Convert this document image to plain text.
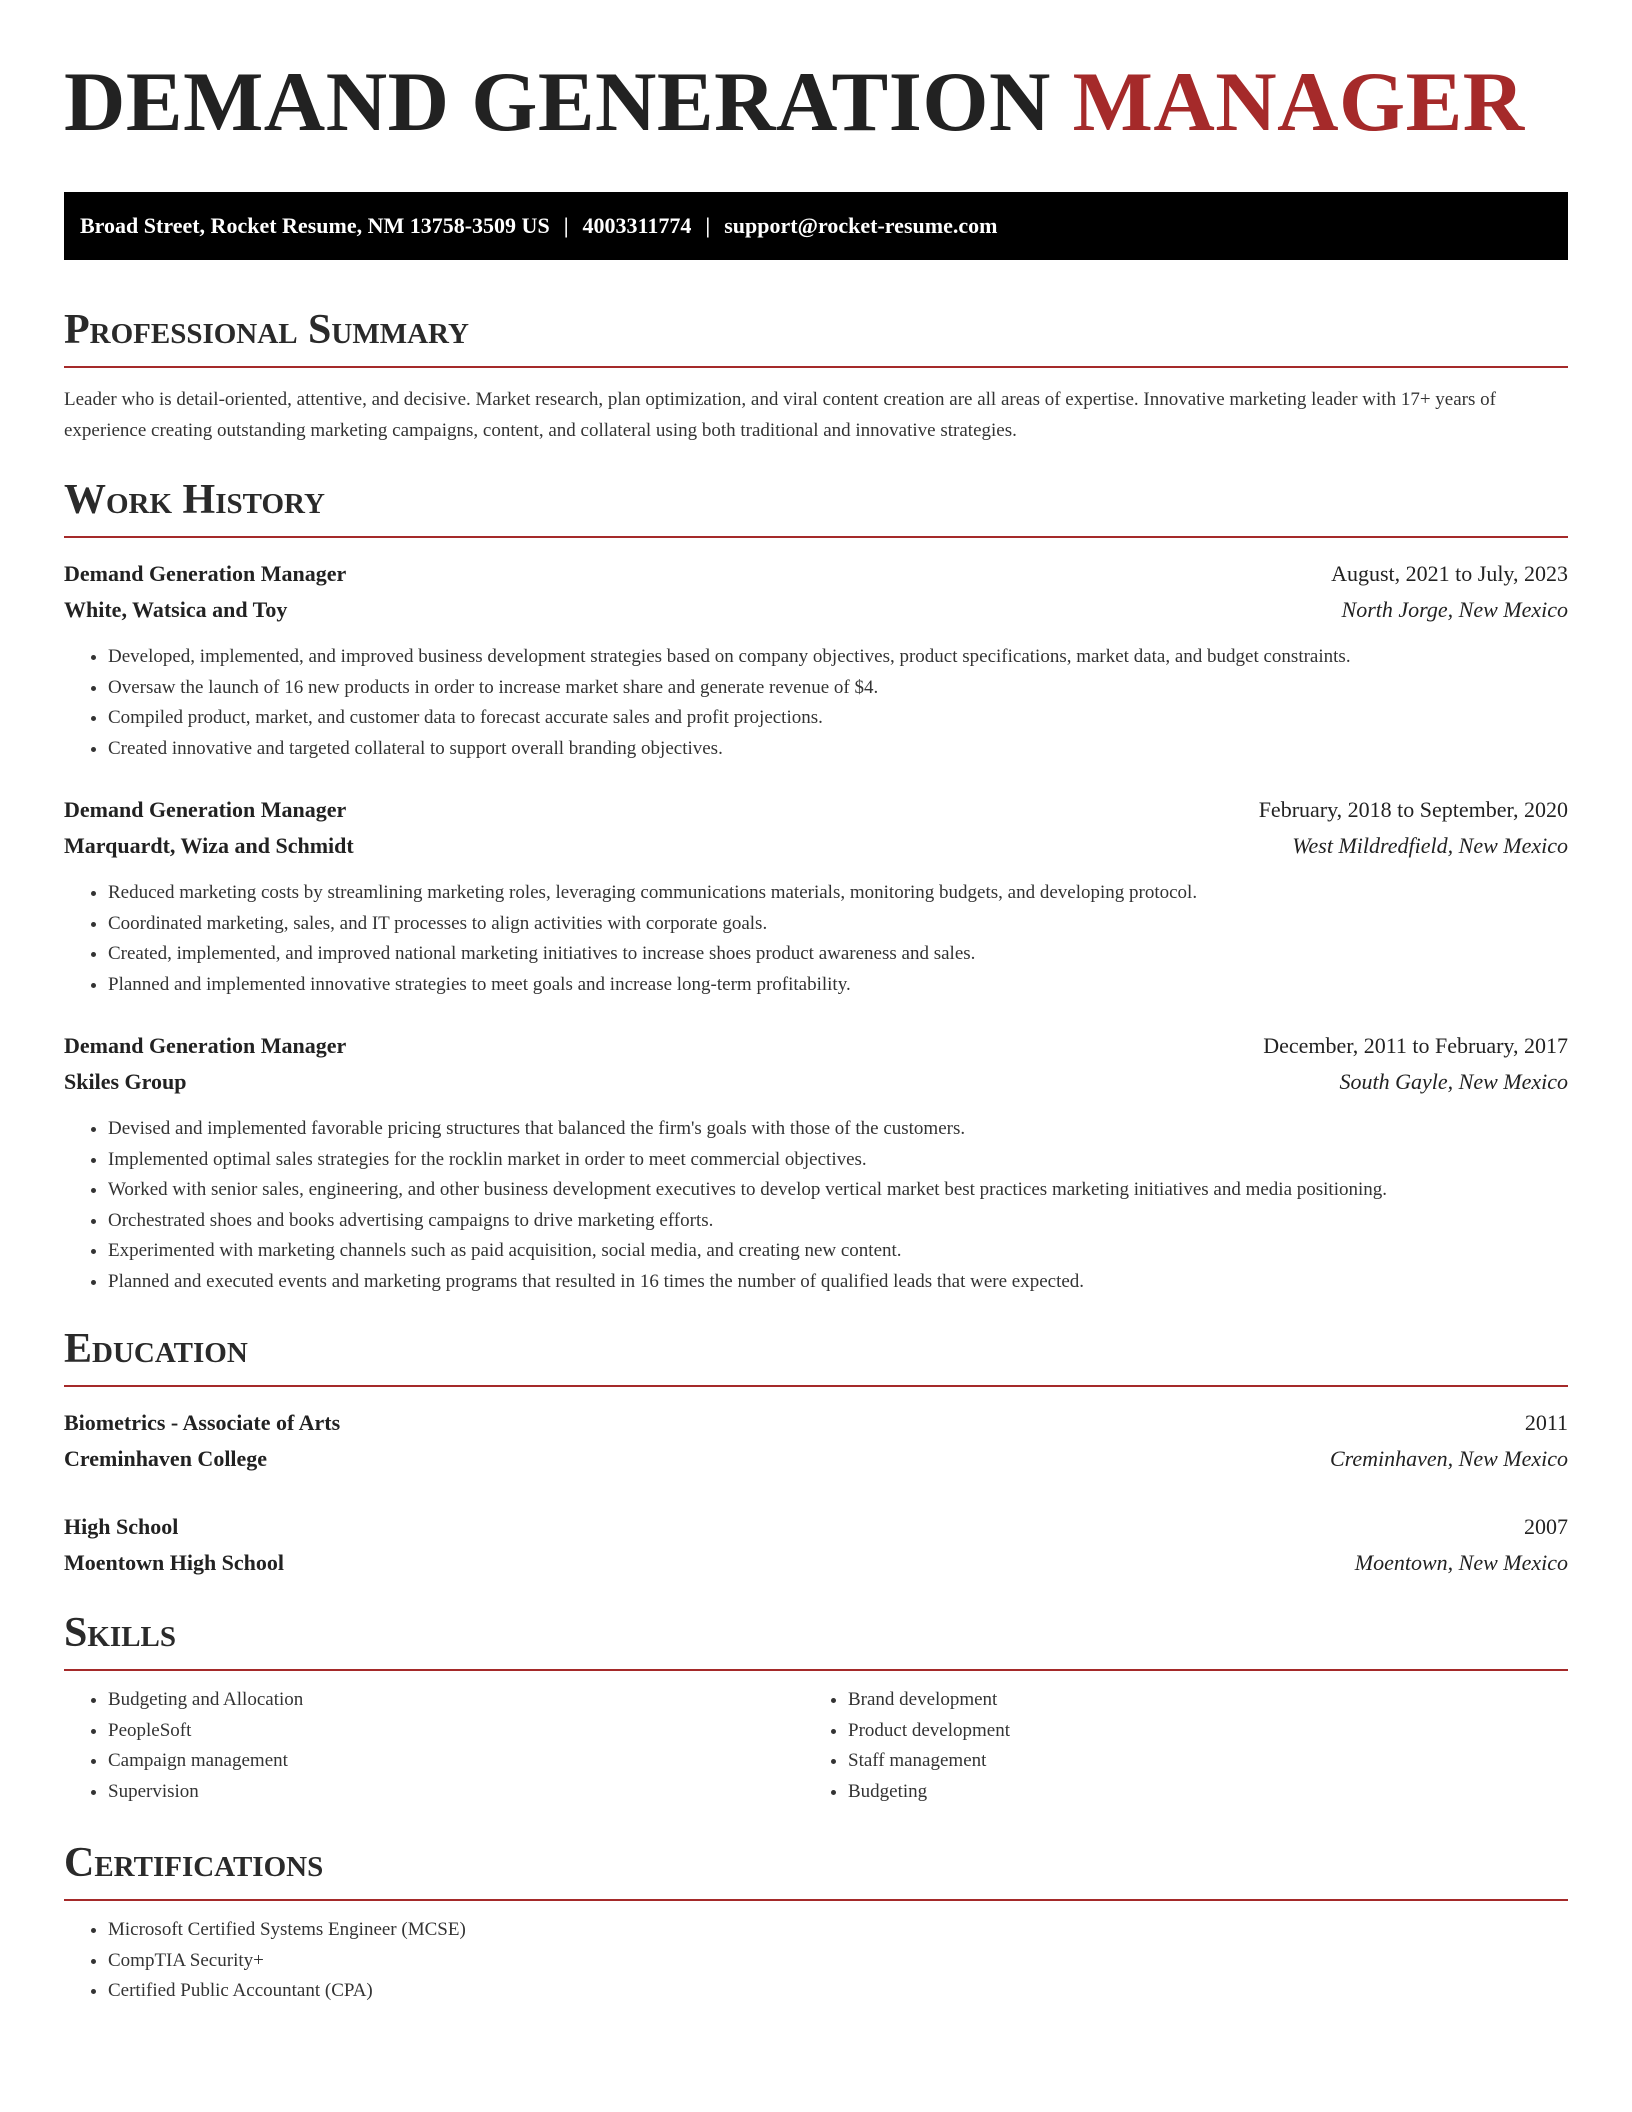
DEMAND GENERATION MANAGER
Broad Street, Rocket Resume, NM 13758-3509 US | 4003311774 | support@rocket-resume.com
Professional Summary
Leader who is detail-oriented, attentive, and decisive. Market research, plan optimization, and viral content creation are all areas of expertise. Innovative marketing leader with 17+ years of experience creating outstanding marketing campaigns, content, and collateral using both traditional and innovative strategies.
Work History
Demand Generation Manager	August, 2021 to July, 2023
White, Watsica and Toy	North Jorge, New Mexico
• Developed, implemented, and improved business development strategies based on company objectives, product specifications, market data, and budget constraints.
• Oversaw the launch of 16 new products in order to increase market share and generate revenue of $4.
• Compiled product, market, and customer data to forecast accurate sales and profit projections.
• Created innovative and targeted collateral to support overall branding objectives.
Demand Generation Manager	February, 2018 to September, 2020
Marquardt, Wiza and Schmidt	West Mildredfield, New Mexico
• Reduced marketing costs by streamlining marketing roles, leveraging communications materials, monitoring budgets, and developing protocol.
• Coordinated marketing, sales, and IT processes to align activities with corporate goals.
• Created, implemented, and improved national marketing initiatives to increase shoes product awareness and sales.
• Planned and implemented innovative strategies to meet goals and increase long-term profitability.
Demand Generation Manager	December, 2011 to February, 2017
Skiles Group	South Gayle, New Mexico
• Devised and implemented favorable pricing structures that balanced the firm's goals with those of the customers.
• Implemented optimal sales strategies for the rocklin market in order to meet commercial objectives.
• Worked with senior sales, engineering, and other business development executives to develop vertical market best practices marketing initiatives and media positioning.
• Orchestrated shoes and books advertising campaigns to drive marketing efforts.
• Experimented with marketing channels such as paid acquisition, social media, and creating new content.
• Planned and executed events and marketing programs that resulted in 16 times the number of qualified leads that were expected.
Education
Biometrics - Associate of Arts	2011
Creminhaven College	Creminhaven, New Mexico
High School	2007
Moentown High School	Moentown, New Mexico
Skills
• Budgeting and Allocation
• PeopleSoft
• Campaign management
• Supervision
• Brand development
• Product development
• Staff management
• Budgeting
Certifications
• Microsoft Certified Systems Engineer (MCSE)
• CompTIA Security+
• Certified Public Accountant (CPA)
